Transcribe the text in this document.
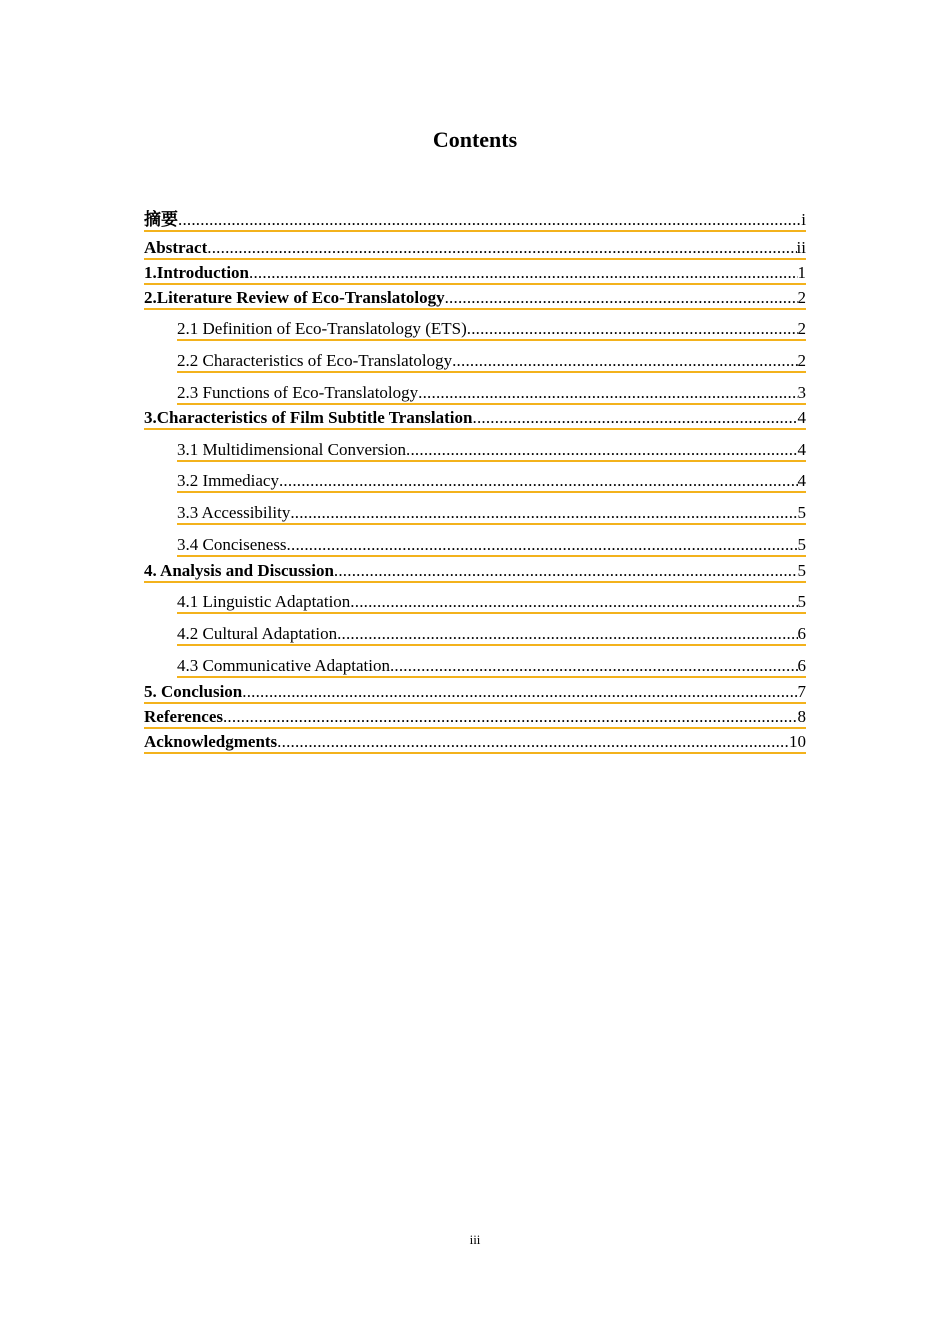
Contents
摘要 .....	i
Abstract .....	ii
1.Introduction .....	1
2.Literature Review of Eco-Translatology .....	2
2.1 Definition of Eco-Translatology (ETS) .....	2
2.2 Characteristics of Eco-Translatology .....	2
2.3 Functions of Eco-Translatology .....	3
3.Characteristics of Film Subtitle Translation .....	4
3.1 Multidimensional Conversion .....	4
3.2 Immediacy .....	4
3.3 Accessibility .....	5
3.4 Conciseness .....	5
4. Analysis and Discussion .....	5
4.1 Linguistic Adaptation .....	5
4.2 Cultural Adaptation .....	6
4.3 Communicative Adaptation .....	6
5. Conclusion .....	7
References .....	8
Acknowledgments .....	10
iii
